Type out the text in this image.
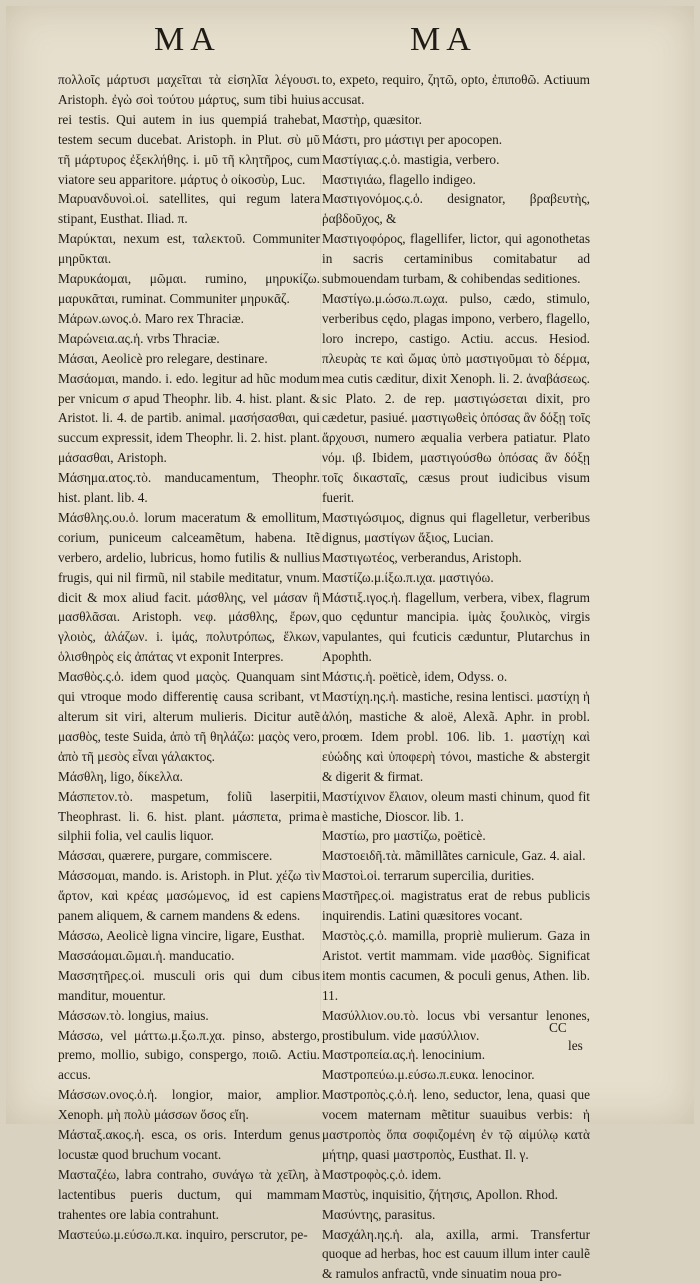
MA	MA

πολλοῖς μάρτυσι μαχεῖται τὰ εἰσηλῖα λέγουσι. Aristoph. ἐγὼ σοὶ τούτου μάρτυς, sum tibi huius rei testis. Qui autem in ius quempiá trahebat, testem secum ducebat. Aristoph. in Plut. σὺ μῦ τῆ μάρτυρος ἐξεκλήθης. i. μῦ τῆ κλητῆρος, cum viatore seu apparitore. μάρτυς ὁ οἰκοσὺρ, Luc.

Μαρυανδυνοὶ.οἱ. satellites, qui regum latera stipant, Eusthat. Iliad. π.

Μαρύκται, nexum est, ταλεκτοῦ. Communiter μηρῦκται.

Μαρυκάομαι, μῶμαι. rumino, μηρυκίζω. μαρυκᾶται, ruminat. Communiter μηρυκᾶζ.

Μάρων.ωνος.ὁ. Maro rex Thraciæ.

Μαρώνεια.ας.ἡ. vrbs Thraciæ.

Μάσαι, Aeolicè pro relegare, destinare.

Μασάομαι, mando. i. edo. legitur ad hũc modum per vnicum σ apud Theophr. lib. 4. hist. plant. & Aristot. li. 4. de partib. animal. μασήσασθαι, qui succum expressit, idem Theophr. li. 2. hist. plant. μάσασθαι, Aristoph.

Μάσημα.ατος.τὸ. manducamentum, Theophr. hist. plant. lib. 4.

Μάσθλης.ου.ὁ. lorum maceratum & emollitum, corium, puniceum calceamẽtum, habena. Itẽ verbero, ardelio, lubricus, homo futilis & nullius frugis, qui nil firmũ, nil stabile meditatur, vnum. dicit & mox aliud facit. μάσθλης, vel μάσαν ἢ μασθλᾶσαι. Aristoph. νεφ. μάσθλης, ἔρων, γλοιὸς, ἀλάζων. i. ἱμάς, πολυτρόπως, ἕλκων, ὁλισθηρὸς εἰς ἀπάτας vt exponit Interpres.

Μασθὸς.ς.ὁ. idem quod μαςὸς. Quanquam sint qui vtroque modo differentię causa scribant, vt alterum sit viri, alterum mulieris. Dicitur autẽ μασθὸς, teste Suida, ἀπὸ τῆ θηλάζω: μαςὸς vero, ἀπὸ τῆ μεσὸς εἶναι γάλακτος.

Μάσθλη, ligo, δίκελλα.

Μάσπετον.τὸ. maspetum, foliũ laserpitii, Theophrast. li. 6. hist. plant. μάσπετα, prima silphii folia, vel caulis liquor.

Μάσσαι, quærere, purgare, commiscere.

Μάσσομαι, mando. is. Aristoph. in Plut. χέζω τὶν ἄρτον, καὶ κρέας μασώμενος, id est capiens panem aliquem, & carnem mandens & edens.

Μάσσω, Aeolicè ligna vincire, ligare, Eusthat.

Μασσάομαι.ῶμαι.ἡ. manducatio.

Μασσητῆρες.οἱ. musculi oris qui dum cibus manditur, mouentur.

Μάσσων.τὸ. longius, maius.

Μάσσω, vel μάττω.μ.ξω.π.χα. pinso, abstergo, premo, mollio, subigo, conspergo, ποιῶ. Actiu. accus.

Μάσσων.ονος.ὁ.ἡ. longior, maior, amplior. Xenoph. μὴ πολὺ μάσσων ὅσος εἴη.

Μάσταξ.ακος.ἡ. esca, os oris. Interdum genus locustæ quod bruchum vocant.

Μασταζέω, labra contraho, συνάγω τὰ χεῖλη, à lactentibus pueris ductum, qui mammam trahentes ore labia contrahunt.

Μαστεύω.μ.εύσω.π.κα. inquiro, perscrutor, pe-

to, expeto, requiro, ζητῶ, opto, ἐπιποθῶ. Actiuum accusat.

Μαστὴρ, quæsitor.

Μάστι, pro μάστιγι per apocopen.

Μαστίγιας.ς.ὁ. mastigia, verbero.

Μαστιγιάω, flagello indigeo.

Μαστιγονόμος.ς.ὁ. designator, βραβευτὴς, ῥαβδοῦχος, &

Μαστιγοφόρος, flagellifer, lictor, qui agonothetas in sacris certaminibus comitabatur ad submouendam turbam, & cohibendas seditiones.

Μαστίγω.μ.ώσω.π.ωχα. pulso, cædo, stimulo, verberibus cędo, plagas impono, verbero, flagello, loro increpo, castigo. Actiu. accus. Hesiod. πλευρὰς τε καὶ ὤμας ὑπὸ μαστιγοῦμαι τὸ δέρμα, mea cutis cæditur, dixit Xenoph. li. 2. ἀναβάσεως. sic Plato. 2. de rep. μαστιγώσεται dixit, pro cædetur, pasiué. μαστιγωθεὶς ὁπόσας ἂν δόξῃ τοῖς ἄρχουσι, numero æqualia verbera patiatur. Plato νόμ. ιβ. Ibidem, μαστιγούσθω ὁπόσας ἂν δόξῃ τοῖς δικασταῖς, cæsus prout iudicibus visum fuerit.

Μαστιγώσιμος, dignus qui flagelletur, verberibus dignus, μαστίγων ἄξιος, Lucian.

Μαστιγωτέος, verberandus, Aristoph.

Μαστίζω.μ.ίξω.π.ιχα. μαστιγόω.

Μάστιξ.ιγος.ἡ. flagellum, verbera, vibex, flagrum quo cęduntur mancipia. ἱμὰς ξουλικὸς, virgis vapulantes, qui fcuticis cæduntur, Plutarchus in Apophth.

Μάστις.ἡ. poëticè, idem, Odyss. ο.

Μαστίχη.ης.ἡ. mastiche, resina lentisci. μαστίχη ἡ ἀλόη, mastiche & aloë, Alexã. Aphr. in probl. proœm. Idem probl. 106. lib. 1. μαστίχη καὶ εὐώδης καὶ ὑποφερὴ τόνοι, mastiche & abstergit & digerit & firmat.

Μαστίχινον ἔλαιον, oleum masti chinum, quod fit è mastiche, Dioscor. lib. 1.

Μαστίω, pro μαστίζω, poëticè.

Μαστοειδῆ.τὰ. mãmillãtes carnicule, Gaz. 4. aial.

Μαστοὶ.οἱ. terrarum supercilia, durities.

Μαστῆρες.οἱ. magistratus erat de rebus publicis inquirendis. Latini quæsitores vocant.

Μαστὸς.ς.ὁ. mamilla, propriè mulierum. Gaza in Aristot. vertit mammam. vide μασθὸς. Significat item montis cacumen, & poculi genus, Athen. lib. 11.

Μασύλλιον.ου.τὸ. locus vbi versantur lenones, prostibulum. vide μασύλλιον.

Μαστροπεία.ας.ἡ. lenocinium.

Μαστροπεύω.μ.εύσω.π.ευκα. lenocinor.

Μαστροπὸς.ς.ὁ.ἡ. leno, seductor, lena, quasi que vocem maternam mẽtitur suauibus verbis: ἡ μαστροπὸς ὅπα σοφιζομένη ἐν τῷ αἰμύλῳ κατὰ μήτηρ, quasi μαστροπὸς, Eusthat. Il. γ.

Μαστροφὸς.ς.ὁ. idem.

Μαστὺς, inquisitio, ζήτησις, Apollon. Rhod.

Μασύντης, parasitus.

Μασχάλη.ης.ἡ. ala, axilla, armi. Transfertur quoque ad herbas, hoc est cauum illum inter caulẽ & ramulos anfractũ, vnde sinuatim noua pro-

CC
les
